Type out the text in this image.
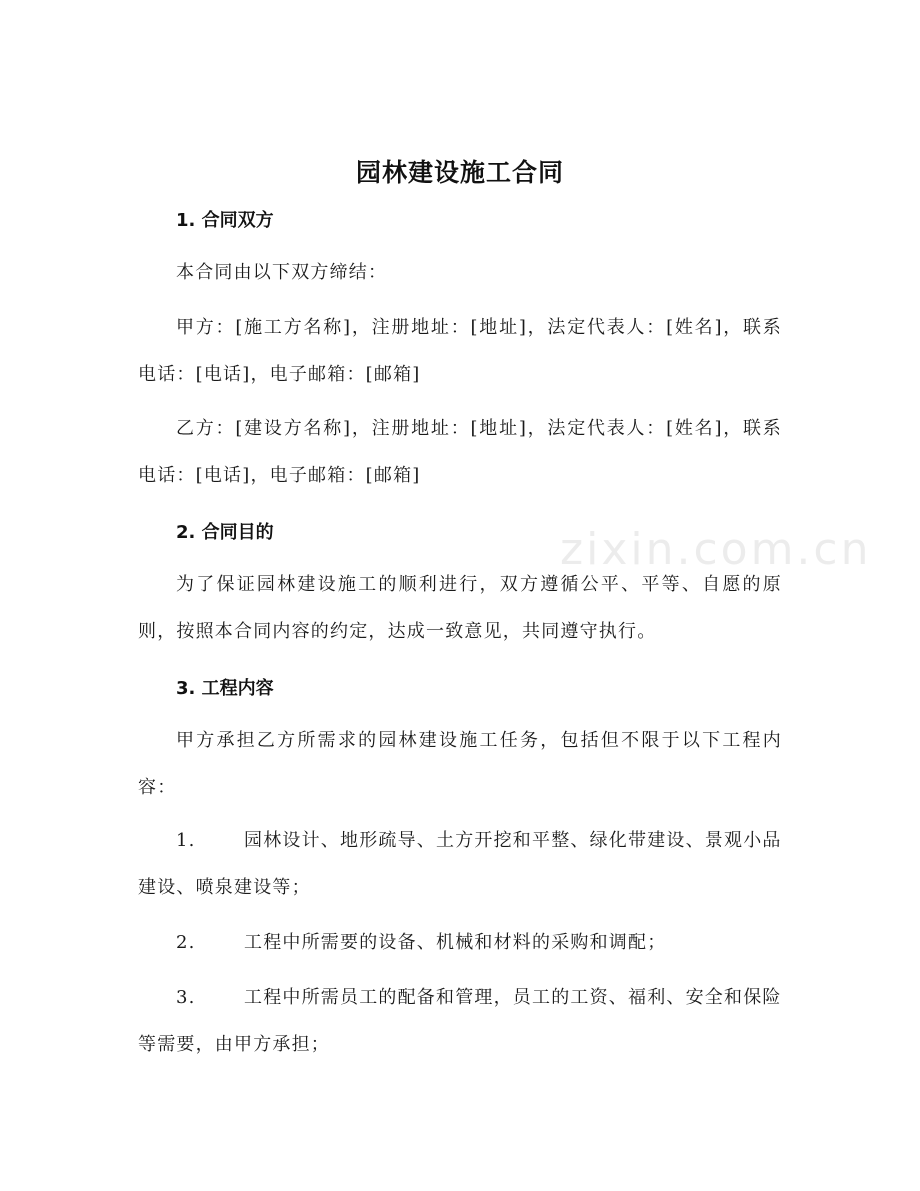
园林建设施工合同
1. 合同双方
本合同由以下双方缔结：
甲方：[施工方名称]，注册地址：[地址]，法定代表人：[姓名]，联系电话：[电话]，电子邮箱：[邮箱]
乙方：[建设方名称]，注册地址：[地址]，法定代表人：[姓名]，联系电话：[电话]，电子邮箱：[邮箱]
2. 合同目的
为了保证园林建设施工的顺利进行，双方遵循公平、平等、自愿的原则，按照本合同内容的约定，达成一致意见，共同遵守执行。
3. 工程内容
甲方承担乙方所需求的园林建设施工任务，包括但不限于以下工程内容：
1.	园林设计、地形疏导、土方开挖和平整、绿化带建设、景观小品建设、喷泉建设等；
2.	工程中所需要的设备、机械和材料的采购和调配；
3.	工程中所需员工的配备和管理，员工的工资、福利、安全和保险等需要，由甲方承担；
zixin.com.cn
